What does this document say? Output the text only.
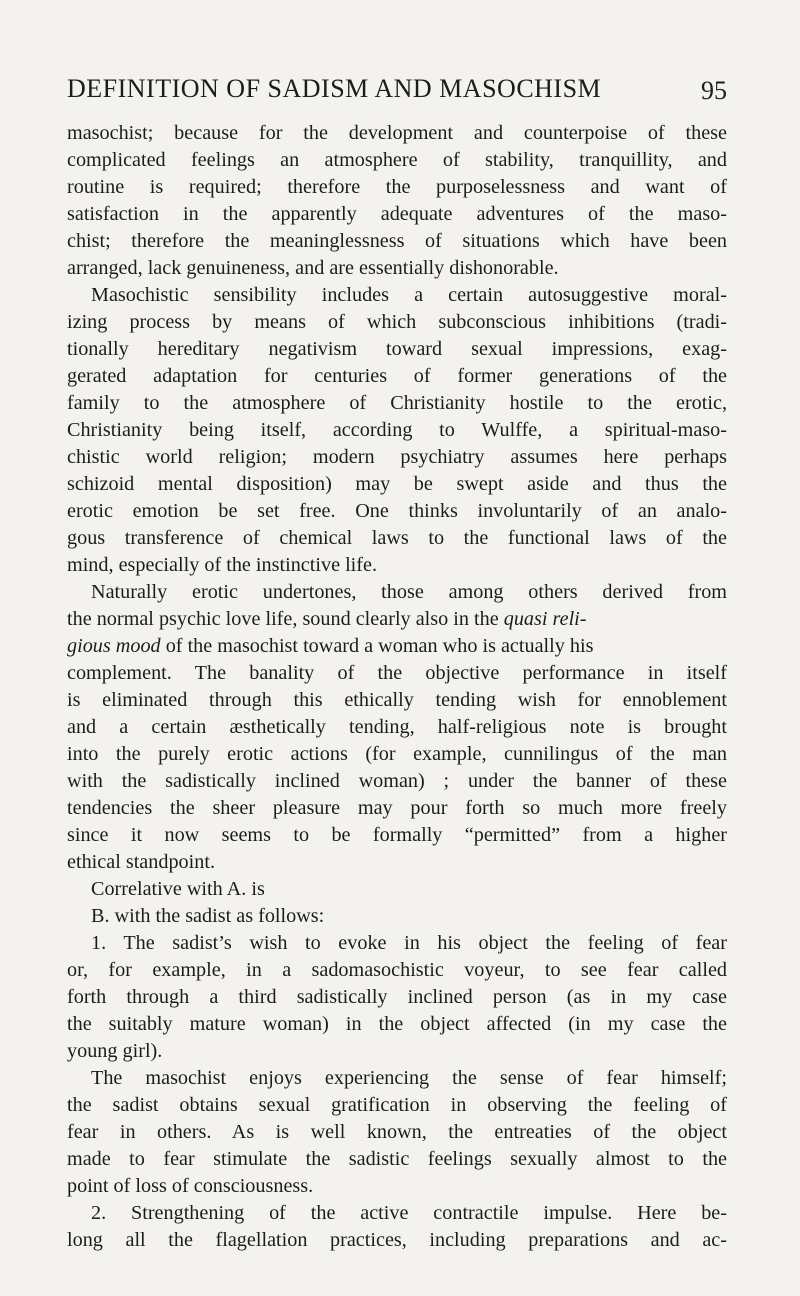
DEFINITION OF SADISM AND MASOCHISM	95
masochist; because for the development and counterpoise of these
complicated feelings an atmosphere of stability, tranquillity, and
routine is required; therefore the purposelessness and want of
satisfaction in the apparently adequate adventures of the maso-
chist; therefore the meaninglessness of situations which have been
arranged, lack genuineness, and are essentially dishonorable.
Masochistic sensibility includes a certain autosuggestive moral-
izing process by means of which subconscious inhibitions (tradi-
tionally hereditary negativism toward sexual impressions, exag-
gerated adaptation for centuries of former generations of the
family to the atmosphere of Christianity hostile to the erotic,
Christianity being itself, according to Wulffe, a spiritual-maso-
chistic world religion; modern psychiatry assumes here perhaps
schizoid mental disposition) may be swept aside and thus the
erotic emotion be set free. One thinks involuntarily of an analo-
gous transference of chemical laws to the functional laws of the
mind, especially of the instinctive life.
Naturally erotic undertones, those among others derived from
the normal psychic love life, sound clearly also in the quasi reli-
gious mood of the masochist toward a woman who is actually his
complement. The banality of the objective performance in itself
is eliminated through this ethically tending wish for ennoblement
and a certain æsthetically tending, half-religious note is brought
into the purely erotic actions (for example, cunnilingus of the man
with the sadistically inclined woman) ; under the banner of these
tendencies the sheer pleasure may pour forth so much more freely
since it now seems to be formally “permitted” from a higher
ethical standpoint.
Correlative with A. is
B. with the sadist as follows:
1. The sadist’s wish to evoke in his object the feeling of fear
or, for example, in a sadomasochistic voyeur, to see fear called
forth through a third sadistically inclined person (as in my case
the suitably mature woman) in the object affected (in my case the
young girl).
The masochist enjoys experiencing the sense of fear himself;
the sadist obtains sexual gratification in observing the feeling of
fear in others. As is well known, the entreaties of the object
made to fear stimulate the sadistic feelings sexually almost to the
point of loss of consciousness.
2. Strengthening of the active contractile impulse. Here be-
long all the flagellation practices, including preparations and ac-
